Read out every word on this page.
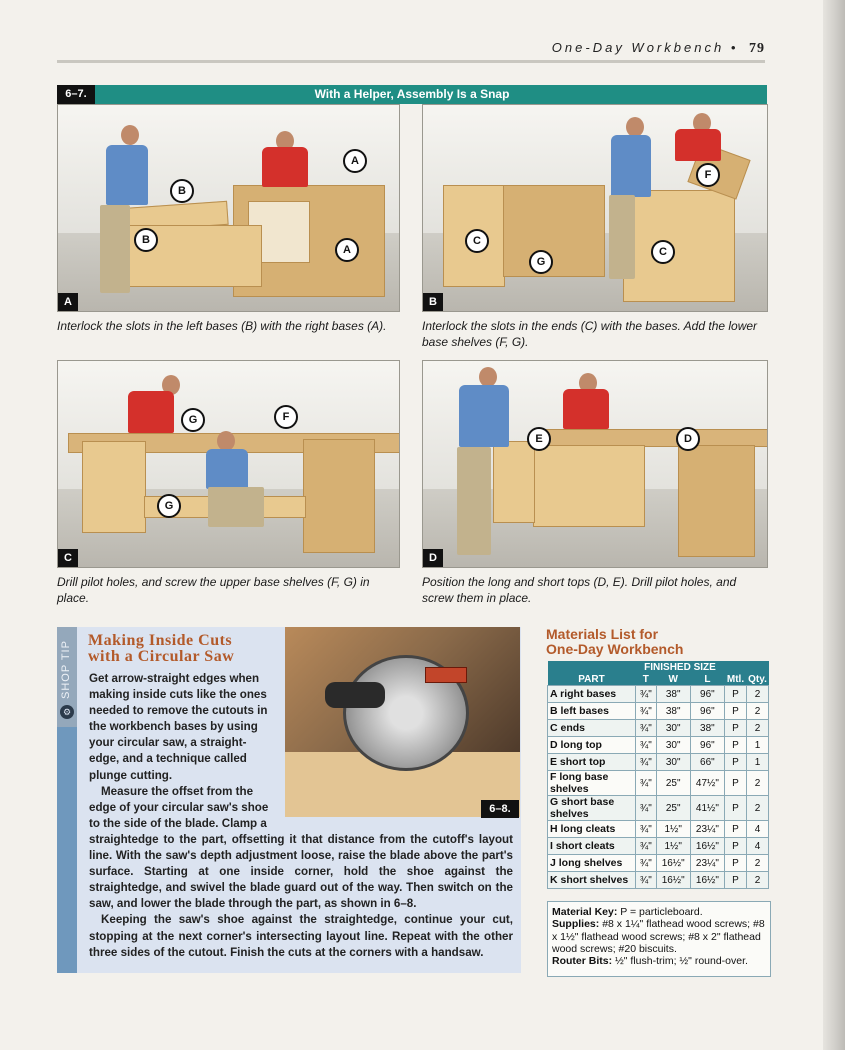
One-Day Workbench • 79
With a Helper, Assembly Is a Snap
6–7.
A
B
B
A
A
Interlock the slots in the left bases (B) with the right bases (A).
F
C
G
C
B
Interlock the slots in the ends (C) with the bases. Add the lower base shelves (F, G).
G	F
G
C
Drill pilot holes, and screw the upper base shelves (F, G) in place.
E	D
D
Position the long and short tops (D, E). Drill pilot holes, and screw them in place.
SHOP TIP
⚙
Making Inside Cuts
with a Circular Saw
Get arrow-straight edges when
making inside cuts like the ones
needed to remove the cutouts in
the workbench bases by using
your circular saw, a straight-
edge, and a technique called
plunge cutting.
Measure the offset from the
edge of your circular saw's shoe
to the side of the blade. Clamp a
straightedge to the part, offsetting it that distance from the cutoff's layout line. With the saw's depth adjustment loose, raise the blade above the part's surface. Starting at one inside corner, hold the shoe against the straightedge, and swivel the blade guard out of the way. Then switch on the saw, and lower the blade through the part, as shown in 6–8.
Keeping the saw's shoe against the straightedge, continue your cut, stopping at the next corner's intersecting layout line. Repeat with the other three sides of the cutout. Finish the cuts at the corners with a handsaw.
6–8.
Materials List for
One-Day Workbench
	FINISHED SIZE				
PART	T	W	L	Mtl.	Qty.
A right bases	¾"	38"	96"	P	2
B left bases	¾"	38"	96"	P	2
C ends	¾"	30"	38"	P	2
D long top	¾"	30"	96"	P	1
E short top	¾"	30"	66"	P	1
F long base shelves	¾"	25"	47½"	P	2
G short base shelves	¾"	25"	41½"	P	2
H long cleats	¾"	1½"	23¼"	P	4
I short cleats	¾"	1½"	16½"	P	4
J long shelves	¾"	16½"	23¼"	P	2
K short shelves	¾"	16½"	16½"	P	2
Material Key: P = particleboard.
Supplies: #8 x 1¼" flathead wood screws; #8 x 1½" flathead wood screws; #8 x 2" flathead wood screws; #20 biscuits.
Router Bits: ½" flush-trim; ½" round-over.
